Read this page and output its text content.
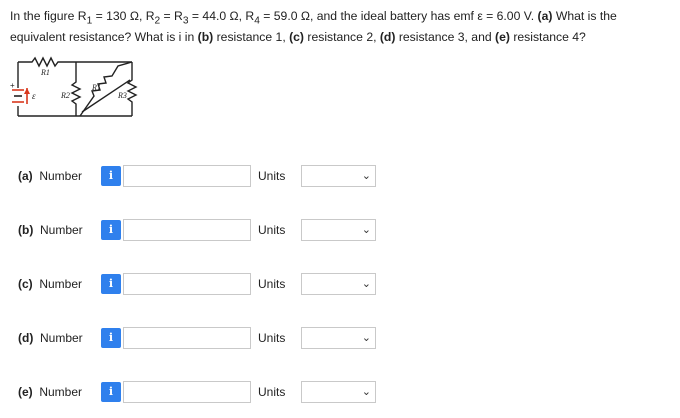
In the figure $R_1 = 130$ Ω, $R_2 = R_3 = 44.0$ Ω, $R_4 = 59.0$ Ω, and the ideal battery has emf ε = 6.00 V. (a) What is the equivalent resistance? What is i in (b) resistance 1, (c) resistance 2, (d) resistance 3, and (e) resistance 4?
+
ε
R1
R2
R1
R3
(a) Number	i	Units	⌄
(b) Number	i	Units	⌄
(c) Number	i	Units	⌄
(d) Number	i	Units	⌄
(e) Number	i	Units	⌄
